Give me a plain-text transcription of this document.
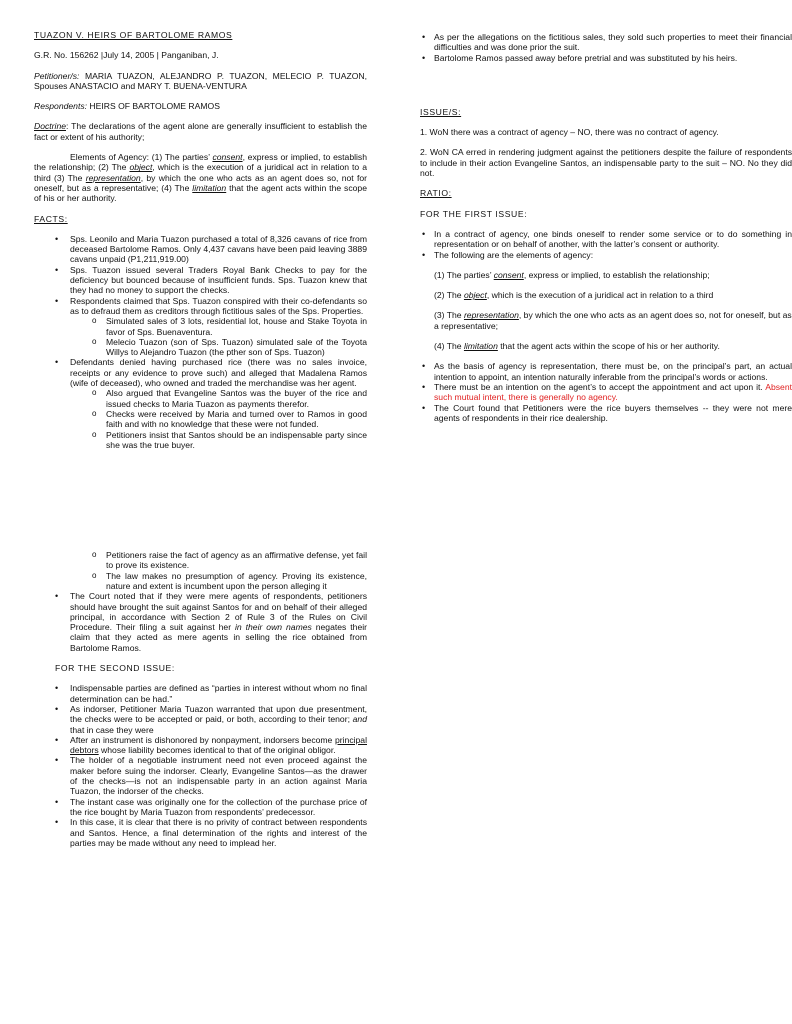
TUAZON V. HEIRS OF BARTOLOME RAMOS

G.R. No. 156262 |July 14, 2005 | Panganiban, J.

Petitioner/s: MARIA TUAZON, ALEJANDRO P. TUAZON, MELECIO P. TUAZON, Spouses ANASTACIO and MARY T. BUENA-VENTURA

Respondents: HEIRS OF BARTOLOME RAMOS

Doctrine: The declarations of the agent alone are generally insufficient to establish the fact or extent of his authority;

Elements of Agency: (1) The parties’ consent, express or implied, to establish the relationship; (2) The object, which is the execution of a juridical act in relation to a third (3) The representation, by which the one who acts as an agent does so, not for oneself, but as a representative; (4) The limitation that the agent acts within the scope of his or her authority.

FACTS:

• Sps. Leonilo and Maria Tuazon purchased a total of 8,326 cavans of rice from deceased Bartolome Ramos. Only 4,437 cavans have been paid leaving 3889 cavans unpaid (P1,211,919.00)
• Sps. Tuazon issued several Traders Royal Bank Checks to pay for the deficiency but bounced because of insufficient funds. Sps. Tuazon knew that they had no money to support the checks.
• Respondents claimed that Sps. Tuazon conspired with their co-defendants so as to defraud them as creditors through fictitious sales of the Sps. Properties.
o Simulated sales of 3 lots, residential lot, house and Stake Toyota in favor of Sps. Buenaventura.
o Melecio Tuazon (son of Sps. Tuazon) simulated sale of the Toyota Willys to Alejandro Tuazon (the pther son of Sps. Tuazon)
• Defendants denied having purchased rice (there was no sales invoice, receipts or any evidence to prove such) and alleged that Madalena Ramos (wife of deceased), who owned and traded the merchandise was her agent.
o Also argued that Evangeline Santos was the buyer of the rice and issued checks to Maria Tuazon as payments therefor.
o Checks were received by Maria and turned over to Ramos in good faith and with no knowledge that these were not funded.
o Petitioners insist that Santos should be an indispensable party since she was the true buyer.
o Petitioners raise the fact of agency as an affirmative defense, yet fail to prove its existence.
o The law makes no presumption of agency. Proving its existence, nature and extent is incumbent upon the person alleging it
• The Court noted that if they were mere agents of respondents, petitioners should have brought the suit against Santos for and on behalf of their alleged principal, in accordance with Section 2 of Rule 3 of the Rules on Civil Procedure. Their filing a suit against her in their own names negates their claim that they acted as mere agents in selling the rice obtained from Bartolome Ramos.

FOR THE SECOND ISSUE:

• Indispensable parties are defined as “parties in interest without whom no final determination can be had.”
• As indorser, Petitioner Maria Tuazon warranted that upon due presentment, the checks were to be accepted or paid, or both, according to their tenor; and that in case they were
• After an instrument is dishonored by nonpayment, indorsers become principal debtors whose liability becomes identical to that of the original obligor.
• The holder of a negotiable instrument need not even proceed against the maker before suing the indorser. Clearly, Evangeline Santos—as the drawer of the checks—is not an indispensable party in an action against Maria Tuazon, the indorser of the checks.
• The instant case was originally one for the collection of the purchase price of the rice bought by Maria Tuazon from respondents’ predecessor.
• In this case, it is clear that there is no privity of contract between respondents and Santos. Hence, a final determination of the rights and interest of the parties may be made without any need to implead her.
• As per the allegations on the fictitious sales, they sold such properties to meet their financial difficulties and was done prior the suit.
• Bartolome Ramos passed away before pretrial and was substituted by his heirs.

ISSUE/S:

1. WoN there was a contract of agency – NO, there was no contract of agency.

2. WoN CA erred in rendering judgment against the petitioners despite the failure of respondents to include in their action Evangeline Santos, an indispensable party to the suit – NO. No they did not.

RATIO:

FOR THE FIRST ISSUE:

• In a contract of agency, one binds oneself to render some service or to do something in representation or on behalf of another, with the latter’s consent or authority.
• The following are the elements of agency:

(1) The parties’ consent, express or implied, to establish the relationship;

(2) The object, which is the execution of a juridical act in relation to a third

(3) The representation, by which the one who acts as an agent does so, not for oneself, but as a representative;

(4) The limitation that the agent acts within the scope of his or her authority.

• As the basis of agency is representation, there must be, on the principal’s part, an actual intention to appoint, an intention naturally inferable from the principal’s words or actions.
• There must be an intention on the agent’s to accept the appointment and act upon it. Absent such mutual intent, there is generally no agency.
• The Court found that Petitioners were the rice buyers themselves -- they were not mere agents of respondents in their rice dealership.
